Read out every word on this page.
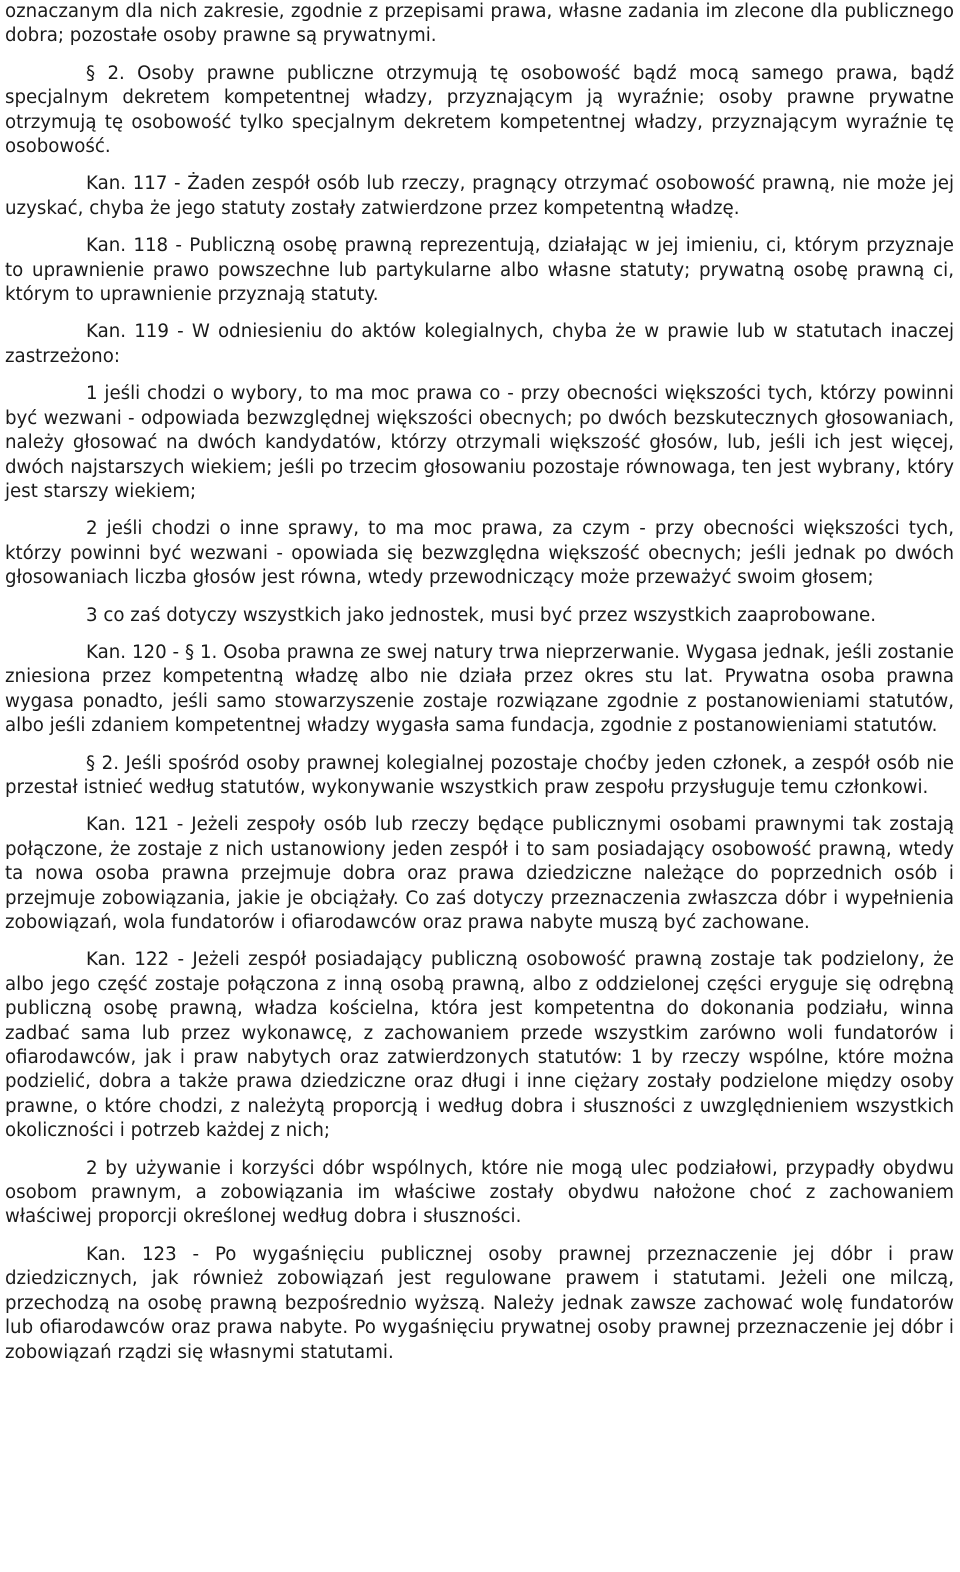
oznaczanym dla nich zakresie, zgodnie z przepisami prawa, własne zadania im zlecone dla publicznego dobra; pozostałe osoby prawne są prywatnymi.

§ 2. Osoby prawne publiczne otrzymują tę osobowość bądź mocą samego prawa, bądź specjalnym dekretem kompetentnej władzy, przyznającym ją wyraźnie; osoby prawne prywatne otrzymują tę osobowość tylko specjalnym dekretem kompetentnej władzy, przyznającym wyraźnie tę osobowość.

Kan. 117 - Żaden zespół osób lub rzeczy, pragnący otrzymać osobowość prawną, nie może jej uzyskać, chyba że jego statuty zostały zatwierdzone przez kompetentną władzę.

Kan. 118 - Publiczną osobę prawną reprezentują, działając w jej imieniu, ci, którym przyznaje to uprawnienie prawo powszechne lub partykularne albo własne statuty; prywatną osobę prawną ci, którym to uprawnienie przyznają statuty.

Kan. 119 - W odniesieniu do aktów kolegialnych, chyba że w prawie lub w statutach inaczej zastrzeżono:

1 jeśli chodzi o wybory, to ma moc prawa co - przy obecności większości tych, którzy powinni być wezwani - odpowiada bezwzględnej większości obecnych; po dwóch bezskutecznych głosowaniach, należy głosować na dwóch kandydatów, którzy otrzymali większość głosów, lub, jeśli ich jest więcej, dwóch najstarszych wiekiem; jeśli po trzecim głosowaniu pozostaje równowaga, ten jest wybrany, który jest starszy wiekiem;

2 jeśli chodzi o inne sprawy, to ma moc prawa, za czym - przy obecności większości tych, którzy powinni być wezwani - opowiada się bezwzględna większość obecnych; jeśli jednak po dwóch głosowaniach liczba głosów jest równa, wtedy przewodniczący może przeważyć swoim głosem;

3 co zaś dotyczy wszystkich jako jednostek, musi być przez wszystkich zaaprobowane.

Kan. 120 - § 1. Osoba prawna ze swej natury trwa nieprzerwanie. Wygasa jednak, jeśli zostanie zniesiona przez kompetentną władzę albo nie działa przez okres stu lat. Prywatna osoba prawna wygasa ponadto, jeśli samo stowarzyszenie zostaje rozwiązane zgodnie z postanowieniami statutów, albo jeśli zdaniem kompetentnej władzy wygasła sama fundacja, zgodnie z postanowieniami statutów.

§ 2. Jeśli spośród osoby prawnej kolegialnej pozostaje choćby jeden członek, a zespół osób nie przestał istnieć według statutów, wykonywanie wszystkich praw zespołu przysługuje temu członkowi.

Kan. 121 - Jeżeli zespoły osób lub rzeczy będące publicznymi osobami prawnymi tak zostają połączone, że zostaje z nich ustanowiony jeden zespół i to sam posiadający osobowość prawną, wtedy ta nowa osoba prawna przejmuje dobra oraz prawa dziedziczne należące do poprzednich osób i przejmuje zobowiązania, jakie je obciążały. Co zaś dotyczy przeznaczenia zwłaszcza dóbr i wypełnienia zobowiązań, wola fundatorów i ofiarodawców oraz prawa nabyte muszą być zachowane.

Kan. 122 - Jeżeli zespół posiadający publiczną osobowość prawną zostaje tak podzielony, że albo jego część zostaje połączona z inną osobą prawną, albo z oddzielonej części eryguje się odrębną publiczną osobę prawną, władza kościelna, która jest kompetentna do dokonania podziału, winna zadbać sama lub przez wykonawcę, z zachowaniem przede wszystkim zarówno woli fundatorów i ofiarodawców, jak i praw nabytych oraz zatwierdzonych statutów: 1 by rzeczy wspólne, które można podzielić, dobra a także prawa dziedziczne oraz długi i inne ciężary zostały podzielone między osoby prawne, o które chodzi, z należytą proporcją i według dobra i słuszności z uwzględnieniem wszystkich okoliczności i potrzeb każdej z nich;

2 by używanie i korzyści dóbr wspólnych, które nie mogą ulec podziałowi, przypadły obydwu osobom prawnym, a zobowiązania im właściwe zostały obydwu nałożone choć z zachowaniem właściwej proporcji określonej według dobra i słuszności.

Kan. 123 - Po wygaśnięciu publicznej osoby prawnej przeznaczenie jej dóbr i praw dziedzicznych, jak również zobowiązań jest regulowane prawem i statutami. Jeżeli one milczą, przechodzą na osobę prawną bezpośrednio wyższą. Należy jednak zawsze zachować wolę fundatorów lub ofiarodawców oraz prawa nabyte. Po wygaśnięciu prywatnej osoby prawnej przeznaczenie jej dóbr i zobowiązań rządzi się własnymi statutami.
